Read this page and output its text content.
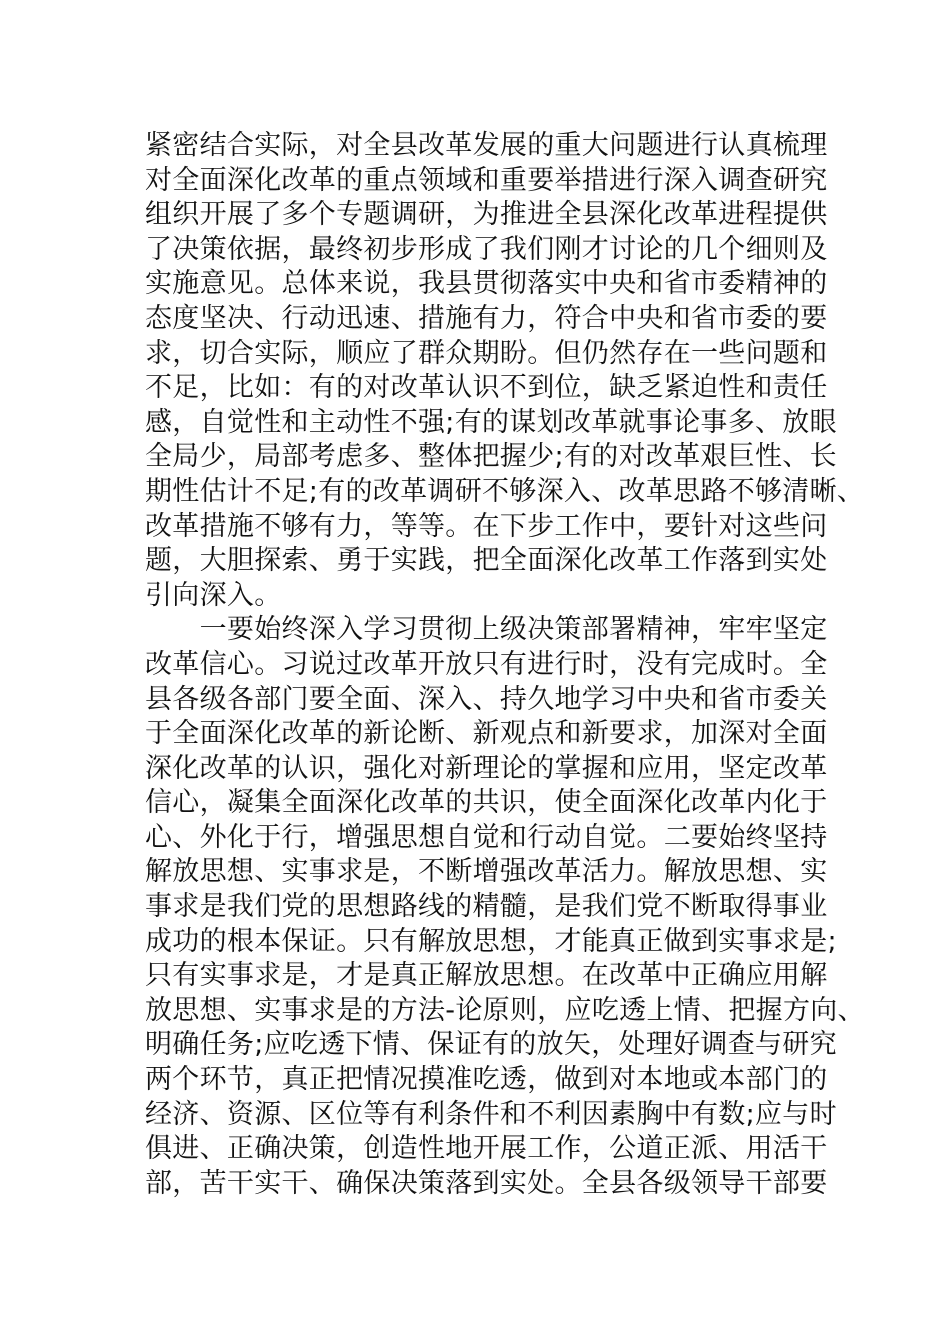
紧密结合实际，对全县改革发展的重大问题进行认真梳理
对全面深化改革的重点领域和重要举措进行深入调查研究
组织开展了多个专题调研，为推进全县深化改革进程提供
了决策依据，最终初步形成了我们刚才讨论的几个细则及
实施意见。总体来说，我县贯彻落实中央和省市委精神的
态度坚决、行动迅速、措施有力，符合中央和省市委的要
求，切合实际，顺应了群众期盼。但仍然存在一些问题和
不足，比如：有的对改革认识不到位，缺乏紧迫性和责任
感，自觉性和主动性不强;有的谋划改革就事论事多、放眼
全局少，局部考虑多、整体把握少;有的对改革艰巨性、长
期性估计不足;有的改革调研不够深入、改革思路不够清晰、
改革措施不够有力，等等。在下步工作中，要针对这些问
题，大胆探索、勇于实践，把全面深化改革工作落到实处
引向深入。
　　一要始终深入学习贯彻上级决策部署精神，牢牢坚定
改革信心。习说过改革开放只有进行时，没有完成时。全
县各级各部门要全面、深入、持久地学习中央和省市委关
于全面深化改革的新论断、新观点和新要求，加深对全面
深化改革的认识，强化对新理论的掌握和应用，坚定改革
信心，凝集全面深化改革的共识，使全面深化改革内化于
心、外化于行，增强思想自觉和行动自觉。二要始终坚持
解放思想、实事求是，不断增强改革活力。解放思想、实
事求是我们党的思想路线的精髓，是我们党不断取得事业
成功的根本保证。只有解放思想，才能真正做到实事求是;
只有实事求是，才是真正解放思想。在改革中正确应用解
放思想、实事求是的方法-论原则，应吃透上情、把握方向、
明确任务;应吃透下情、保证有的放矢，处理好调查与研究
两个环节，真正把情况摸准吃透，做到对本地或本部门的
经济、资源、区位等有利条件和不利因素胸中有数;应与时
俱进、正确决策，创造性地开展工作，公道正派、用活干
部，苦干实干、确保决策落到实处。全县各级领导干部要
